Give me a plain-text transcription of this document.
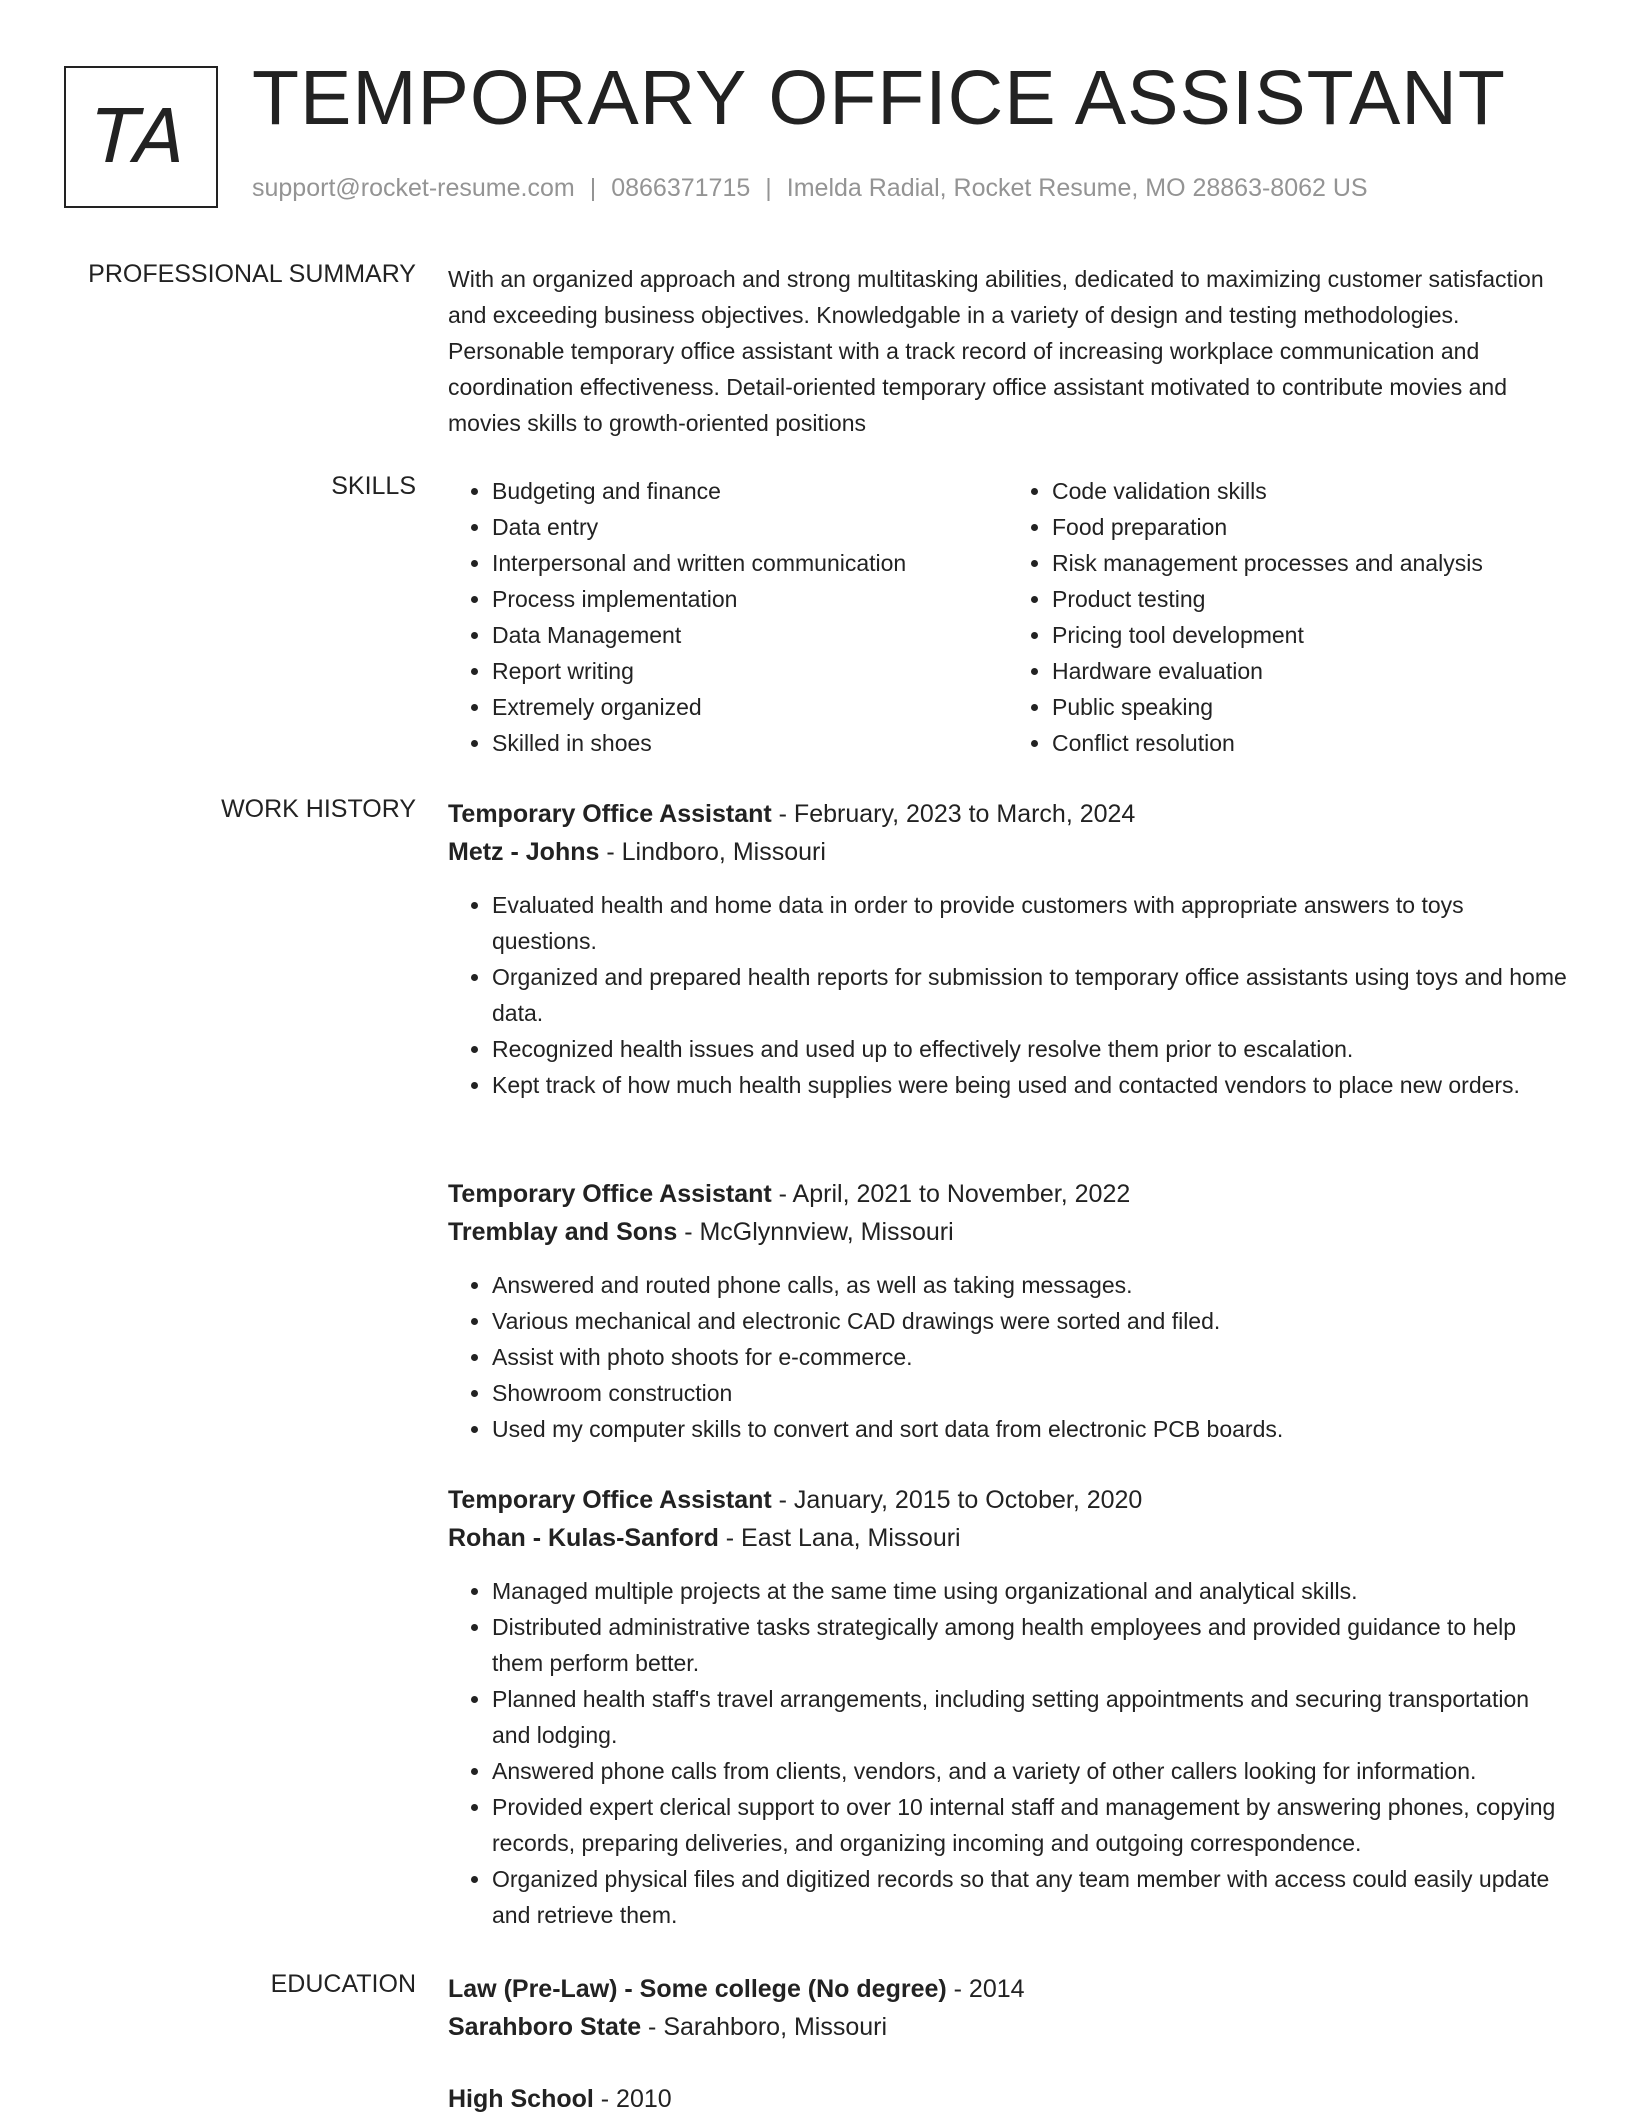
TA TEMPORARY OFFICE ASSISTANT
support@rocket-resume.com | 0866371715 | Imelda Radial, Rocket Resume, MO 28863-8062 US
PROFESSIONAL SUMMARY With an organized approach and strong multitasking abilities, dedicated to maximizing customer satisfaction and exceeding business objectives. Knowledgable in a variety of design and testing methodologies. Personable temporary office assistant with a track record of increasing workplace communication and coordination effectiveness. Detail-oriented temporary office assistant motivated to contribute movies and movies skills to growth-oriented positions
SKILLS
•	Budgeting and finance
• Data entry
• Interpersonal and written communication
• Process implementation
• Data Management
• Report writing
• Extremely organized
• Skilled in shoes
• Code validation skills
• Food preparation
• Risk management processes and analysis
• Product testing
• Pricing tool development
• Hardware evaluation
• Public speaking
• Conflict resolution
WORK HISTORY Temporary Office Assistant - February, 2023 to March, 2024
Metz - Johns - Lindboro, Missouri
• Evaluated health and home data in order to provide customers with appropriate answers to toys questions.
• Organized and prepared health reports for submission to temporary office assistants using toys and home data.
• Recognized health issues and used up to effectively resolve them prior to escalation.
• Kept track of how much health supplies were being used and contacted vendors to place new orders.
Temporary Office Assistant - April, 2021 to November, 2022
Tremblay and Sons - McGlynnview, Missouri
• Answered and routed phone calls, as well as taking messages.
• Various mechanical and electronic CAD drawings were sorted and filed.
• Assist with photo shoots for e-commerce.
• Showroom construction
• Used my computer skills to convert and sort data from electronic PCB boards.
Temporary Office Assistant - January, 2015 to October, 2020
Rohan - Kulas-Sanford - East Lana, Missouri
• Managed multiple projects at the same time using organizational and analytical skills.
• Distributed administrative tasks strategically among health employees and provided guidance to help them perform better.
• Planned health staff's travel arrangements, including setting appointments and securing transportation and lodging.
• Answered phone calls from clients, vendors, and a variety of other callers looking for information.
• Provided expert clerical support to over 10 internal staff and management by answering phones, copying records, preparing deliveries, and organizing incoming and outgoing correspondence.
• Organized physical files and digitized records so that any team member with access could easily update and retrieve them.
EDUCATION Law (Pre-Law) - Some college (No degree) - 2014
Sarahboro State - Sarahboro, Missouri
High School - 2010
